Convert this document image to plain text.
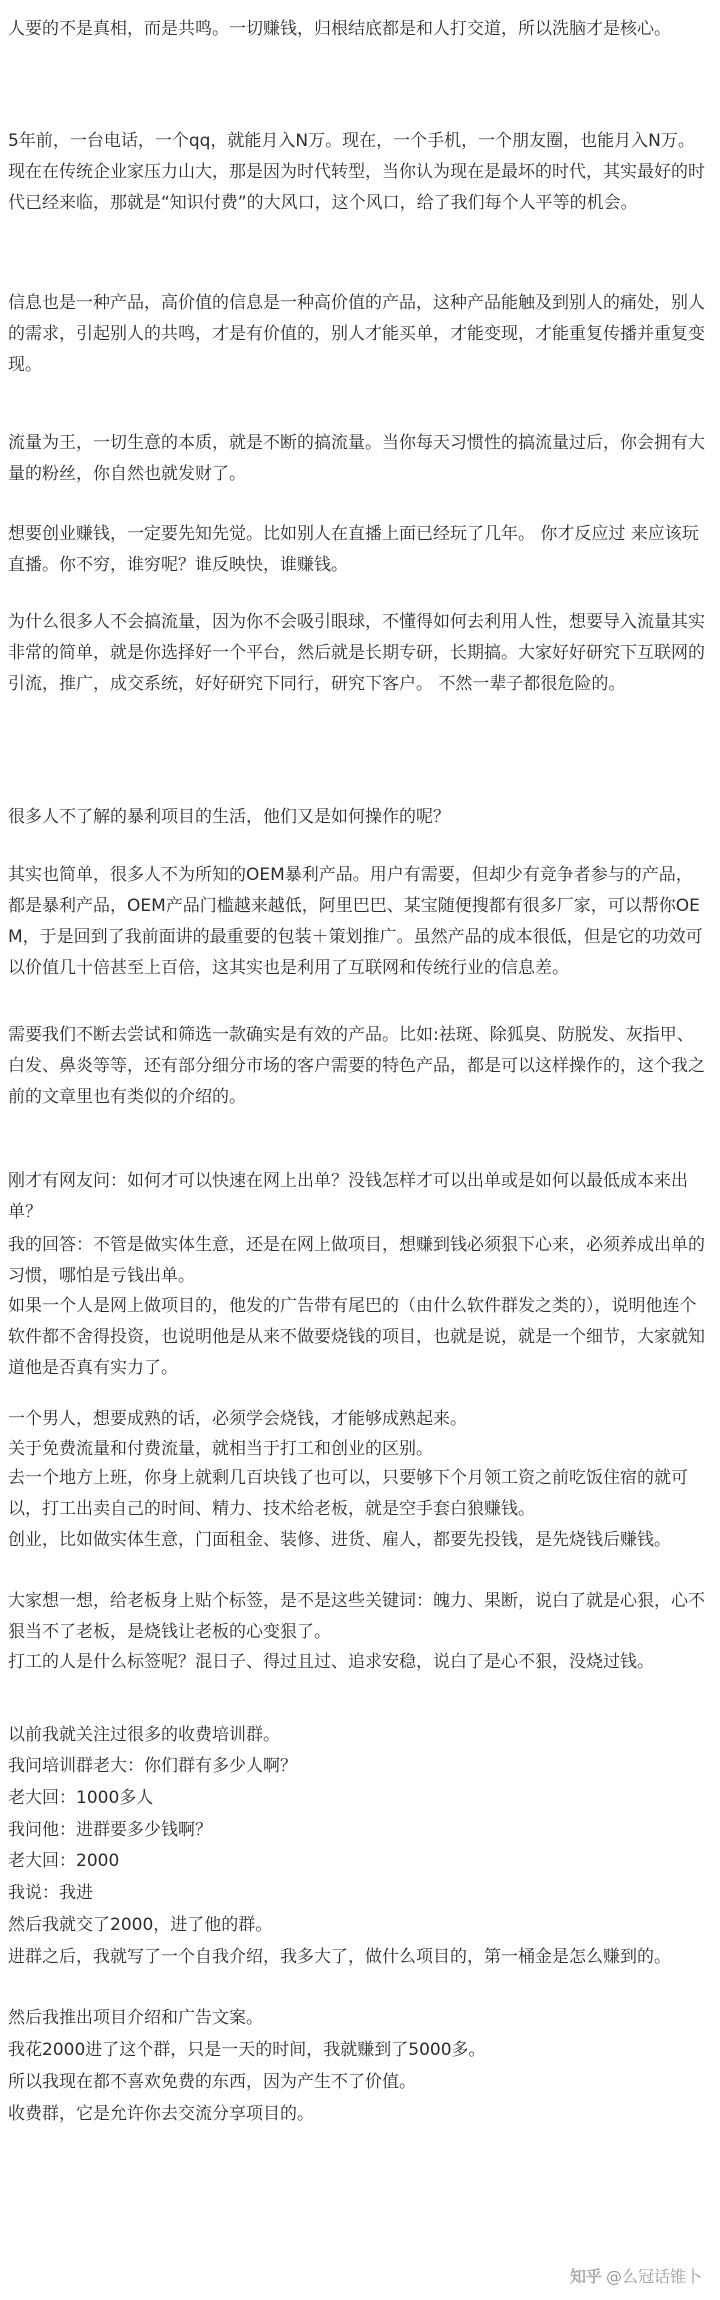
人要的不是真相，而是共鸣。一切赚钱，归根结底都是和人打交道，所以洗脑才是核心。

5年前，一台电话，一个qq，就能月入N万。现在，一个手机，一个朋友圈，也能月入N万。现在在传统企业家压力山大，那是因为时代转型，当你认为现在是最坏的时代，其实最好的时代已经来临，那就是“知识付费”的大风口，这个风口，给了我们每个人平等的机会。

信息也是一种产品，高价值的信息是一种高价值的产品，这种产品能触及到别人的痛处，别人的需求，引起别人的共鸣，才是有价值的，别人才能买单，才能变现，才能重复传播并重复变现。

流量为王，一切生意的本质，就是不断的搞流量。当你每天习惯性的搞流量过后，你会拥有大量的粉丝，你自然也就发财了。

想要创业赚钱，一定要先知先觉。比如别人在直播上面已经玩了几年。 你才反应过 来应该玩直播。你不穷，谁穷呢？谁反映快，谁赚钱。

为什么很多人不会搞流量，因为你不会吸引眼球，不懂得如何去利用人性，想要导入流量其实非常的简单，就是你选择好一个平台，然后就是长期专研，长期搞。大家好好研究下互联网的引流，推广，成交系统，好好研究下同行，研究下客户。 不然一辈子都很危险的。

很多人不了解的暴利项目的生活，他们又是如何操作的呢？

其实也简单，很多人不为所知的OEM暴利产品。用户有需要，但却少有竞争者参与的产品，都是暴利产品，OEM产品门槛越来越低，阿里巴巴、某宝随便搜都有很多厂家，可以帮你OEM，于是回到了我前面讲的最重要的包装＋策划推广。虽然产品的成本很低，但是它的功效可以价值几十倍甚至上百倍，这其实也是利用了互联网和传统行业的信息差。

需要我们不断去尝试和筛选一款确实是有效的产品。比如:祛斑、除狐臭、防脱发、灰指甲、白发、鼻炎等等，还有部分细分市场的客户需要的特色产品，都是可以这样操作的，这个我之前的文章里也有类似的介绍的。

刚才有网友问：如何才可以快速在网上出单？没钱怎样才可以出单或是如何以最低成本来出单？

我的回答：不管是做实体生意，还是在网上做项目，想赚到钱必须狠下心来，必须养成出单的习惯，哪怕是亏钱出单。

如果一个人是网上做项目的，他发的广告带有尾巴的（由什么软件群发之类的），说明他连个软件都不舍得投资，也说明他是从来不做要烧钱的项目，也就是说，就是一个细节，大家就知道他是否真有实力了。

一个男人，想要成熟的话，必须学会烧钱，才能够成熟起来。

关于免费流量和付费流量，就相当于打工和创业的区别。

去一个地方上班，你身上就剩几百块钱了也可以，只要够下个月领工资之前吃饭住宿的就可以，打工出卖自己的时间、精力、技术给老板，就是空手套白狼赚钱。

创业，比如做实体生意，门面租金、装修、进货、雇人，都要先投钱，是先烧钱后赚钱。

大家想一想，给老板身上贴个标签，是不是这些关键词：魄力、果断，说白了就是心狠，心不狠当不了老板，是烧钱让老板的心变狠了。

打工的人是什么标签呢？混日子、得过且过、追求安稳，说白了是心不狠，没烧过钱。

以前我就关注过很多的收费培训群。

我问培训群老大：你们群有多少人啊？

老大回：1000多人

我问他：进群要多少钱啊？

老大回：2000

我说：我进

然后我就交了2000，进了他的群。

进群之后，我就写了一个自我介绍，我多大了，做什么项目的，第一桶金是怎么赚到的。

然后我推出项目介绍和广告文案。

我花2000进了这个群，只是一天的时间，我就赚到了5000多。

所以我现在都不喜欢免费的东西，因为产生不了价值。

收费群，它是允许你去交流分享项目的。

知乎 @么冠话锥卜
